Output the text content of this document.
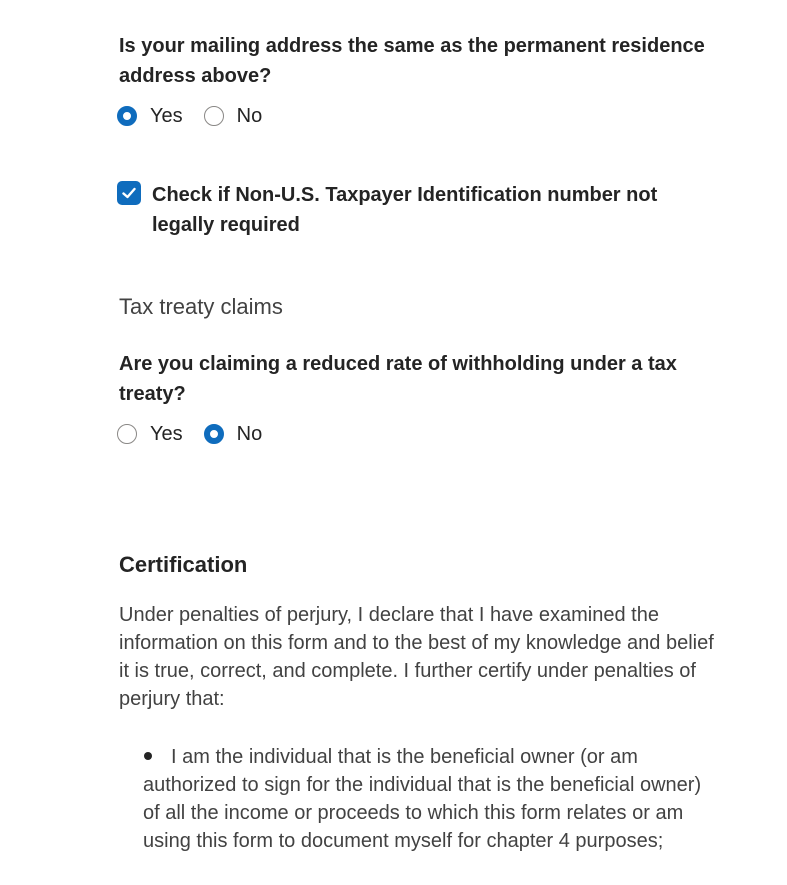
Is your mailing address the same as the permanent residence address above?
Yes	No
Check if Non-U.S. Taxpayer Identification number not legally required
Tax treaty claims
Are you claiming a reduced rate of withholding under a tax treaty?
Yes	No
Certification
Under penalties of perjury, I declare that I have examined the information on this form and to the best of my knowledge and belief it is true, correct, and complete. I further certify under penalties of perjury that:
I am the individual that is the beneficial owner (or am authorized to sign for the individual that is the beneficial owner) of all the income or proceeds to which this form relates or am using this form to document myself for chapter 4 purposes;
